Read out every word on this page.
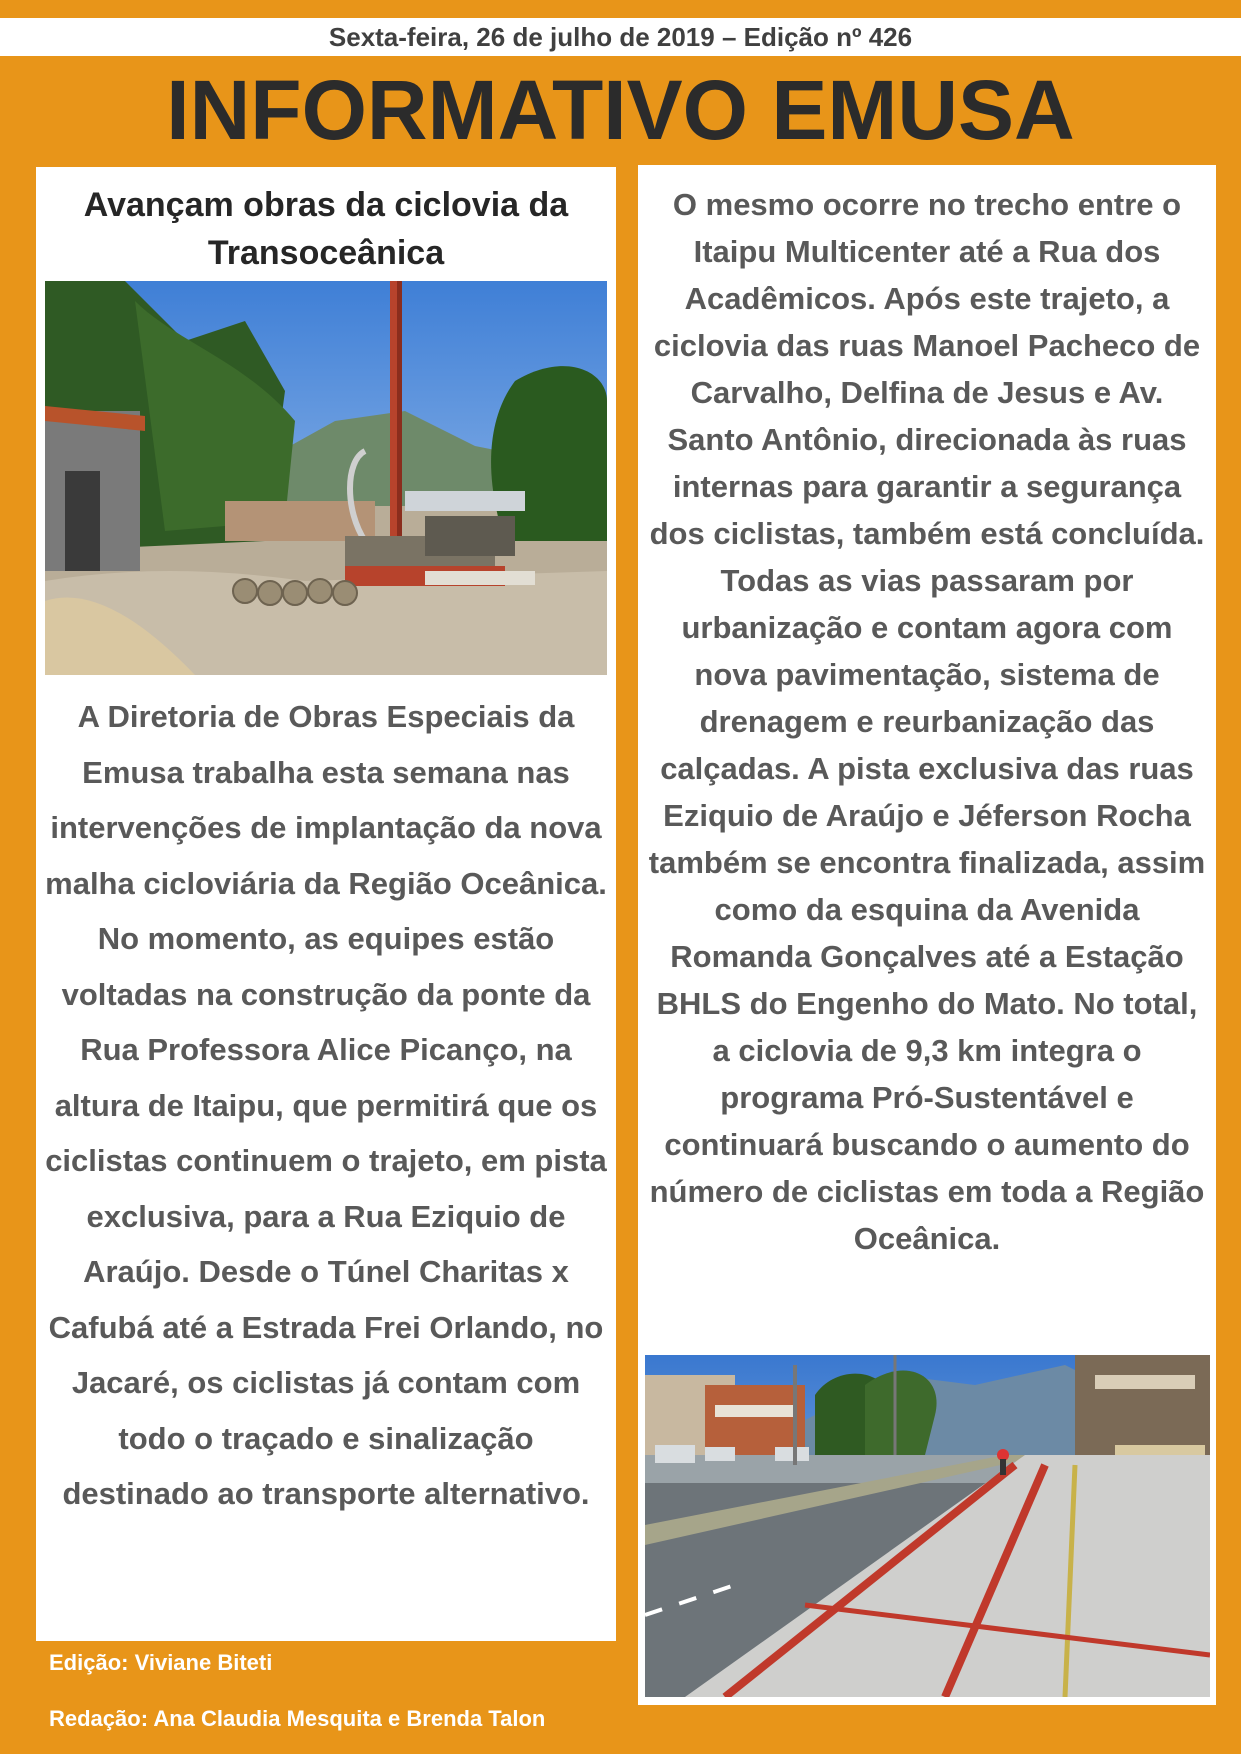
Sexta-feira, 26 de julho de 2019 – Edição nº 426
INFORMATIVO EMUSA
Avançam obras da ciclovia da
Transoceânica
A Diretoria de Obras Especiais da Emusa trabalha esta semana nas intervenções de implantação da nova malha cicloviária da Região Oceânica. No momento, as equipes estão voltadas na construção da ponte da Rua Professora Alice Picanço, na altura de Itaipu, que permitirá que os ciclistas continuem o trajeto, em pista exclusiva, para a Rua Eziquio de Araújo. Desde o Túnel Charitas x Cafubá até a Estrada Frei Orlando, no Jacaré, os ciclistas já contam com todo o traçado e sinalização destinado ao transporte alternativo.
O mesmo ocorre no trecho entre o Itaipu Multicenter até a Rua dos Acadêmicos. Após este trajeto, a ciclovia das ruas Manoel Pacheco de Carvalho, Delfina de Jesus e Av. Santo Antônio, direcionada às ruas internas para garantir a segurança dos ciclistas, também está concluída. Todas as vias passaram por urbanização e contam agora com nova pavimentação, sistema de drenagem e reurbanização das calçadas. A pista exclusiva das ruas Eziquio de Araújo e Jéferson Rocha também se encontra finalizada, assim como da esquina da Avenida Romanda Gonçalves até a Estação BHLS do Engenho do Mato. No total, a ciclovia de 9,3 km integra o programa Pró-Sustentável e continuará buscando o aumento do número de ciclistas em toda a Região Oceânica.
Edição: Viviane Biteti
Redação: Ana Claudia Mesquita e Brenda Talon
